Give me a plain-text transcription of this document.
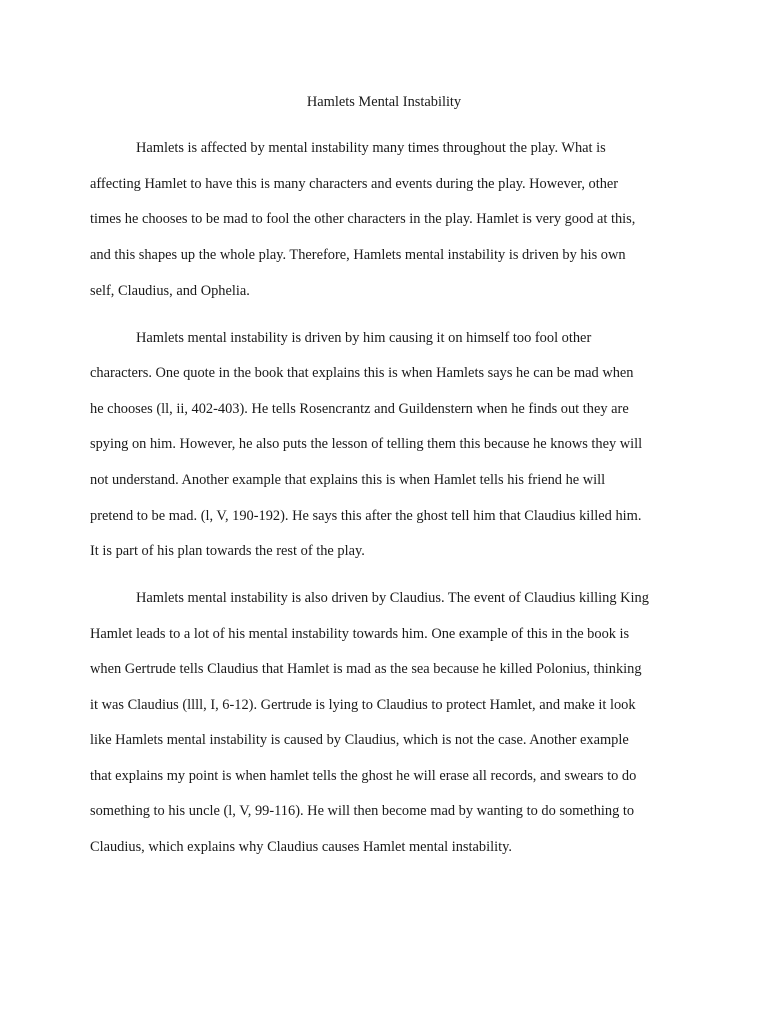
Hamlets Mental Instability

Hamlets is affected by mental instability many times throughout the play. What is

affecting Hamlet to have this is many characters and events during the play. However, other

times he chooses to be mad to fool the other characters in the play. Hamlet is very good at this,

and this shapes up the whole play. Therefore, Hamlets mental instability is driven by his own

self, Claudius, and Ophelia.

Hamlets mental instability is driven by him causing it on himself too fool other

characters. One quote in the book that explains this is when Hamlets says he can be mad when

he chooses (ll, ii, 402-403). He tells Rosencrantz and Guildenstern when he finds out they are

spying on him. However, he also puts the lesson of telling them this because he knows they will

not understand. Another example that explains this is when Hamlet tells his friend he will

pretend to be mad. (l, V, 190-192). He says this after the ghost tell him that Claudius killed him.

It is part of his plan towards the rest of the play.

Hamlets mental instability is also driven by Claudius. The event of Claudius killing King

Hamlet leads to a lot of his mental instability towards him. One example of this in the book is

when Gertrude tells Claudius that Hamlet is mad as the sea because he killed Polonius, thinking

it was Claudius (llll, I, 6-12). Gertrude is lying to Claudius to protect Hamlet, and make it look

like Hamlets mental instability is caused by Claudius, which is not the case. Another example

that explains my point is when hamlet tells the ghost he will erase all records, and swears to do

something to his uncle (l, V, 99-116). He will then become mad by wanting to do something to

Claudius, which explains why Claudius causes Hamlet mental instability.
